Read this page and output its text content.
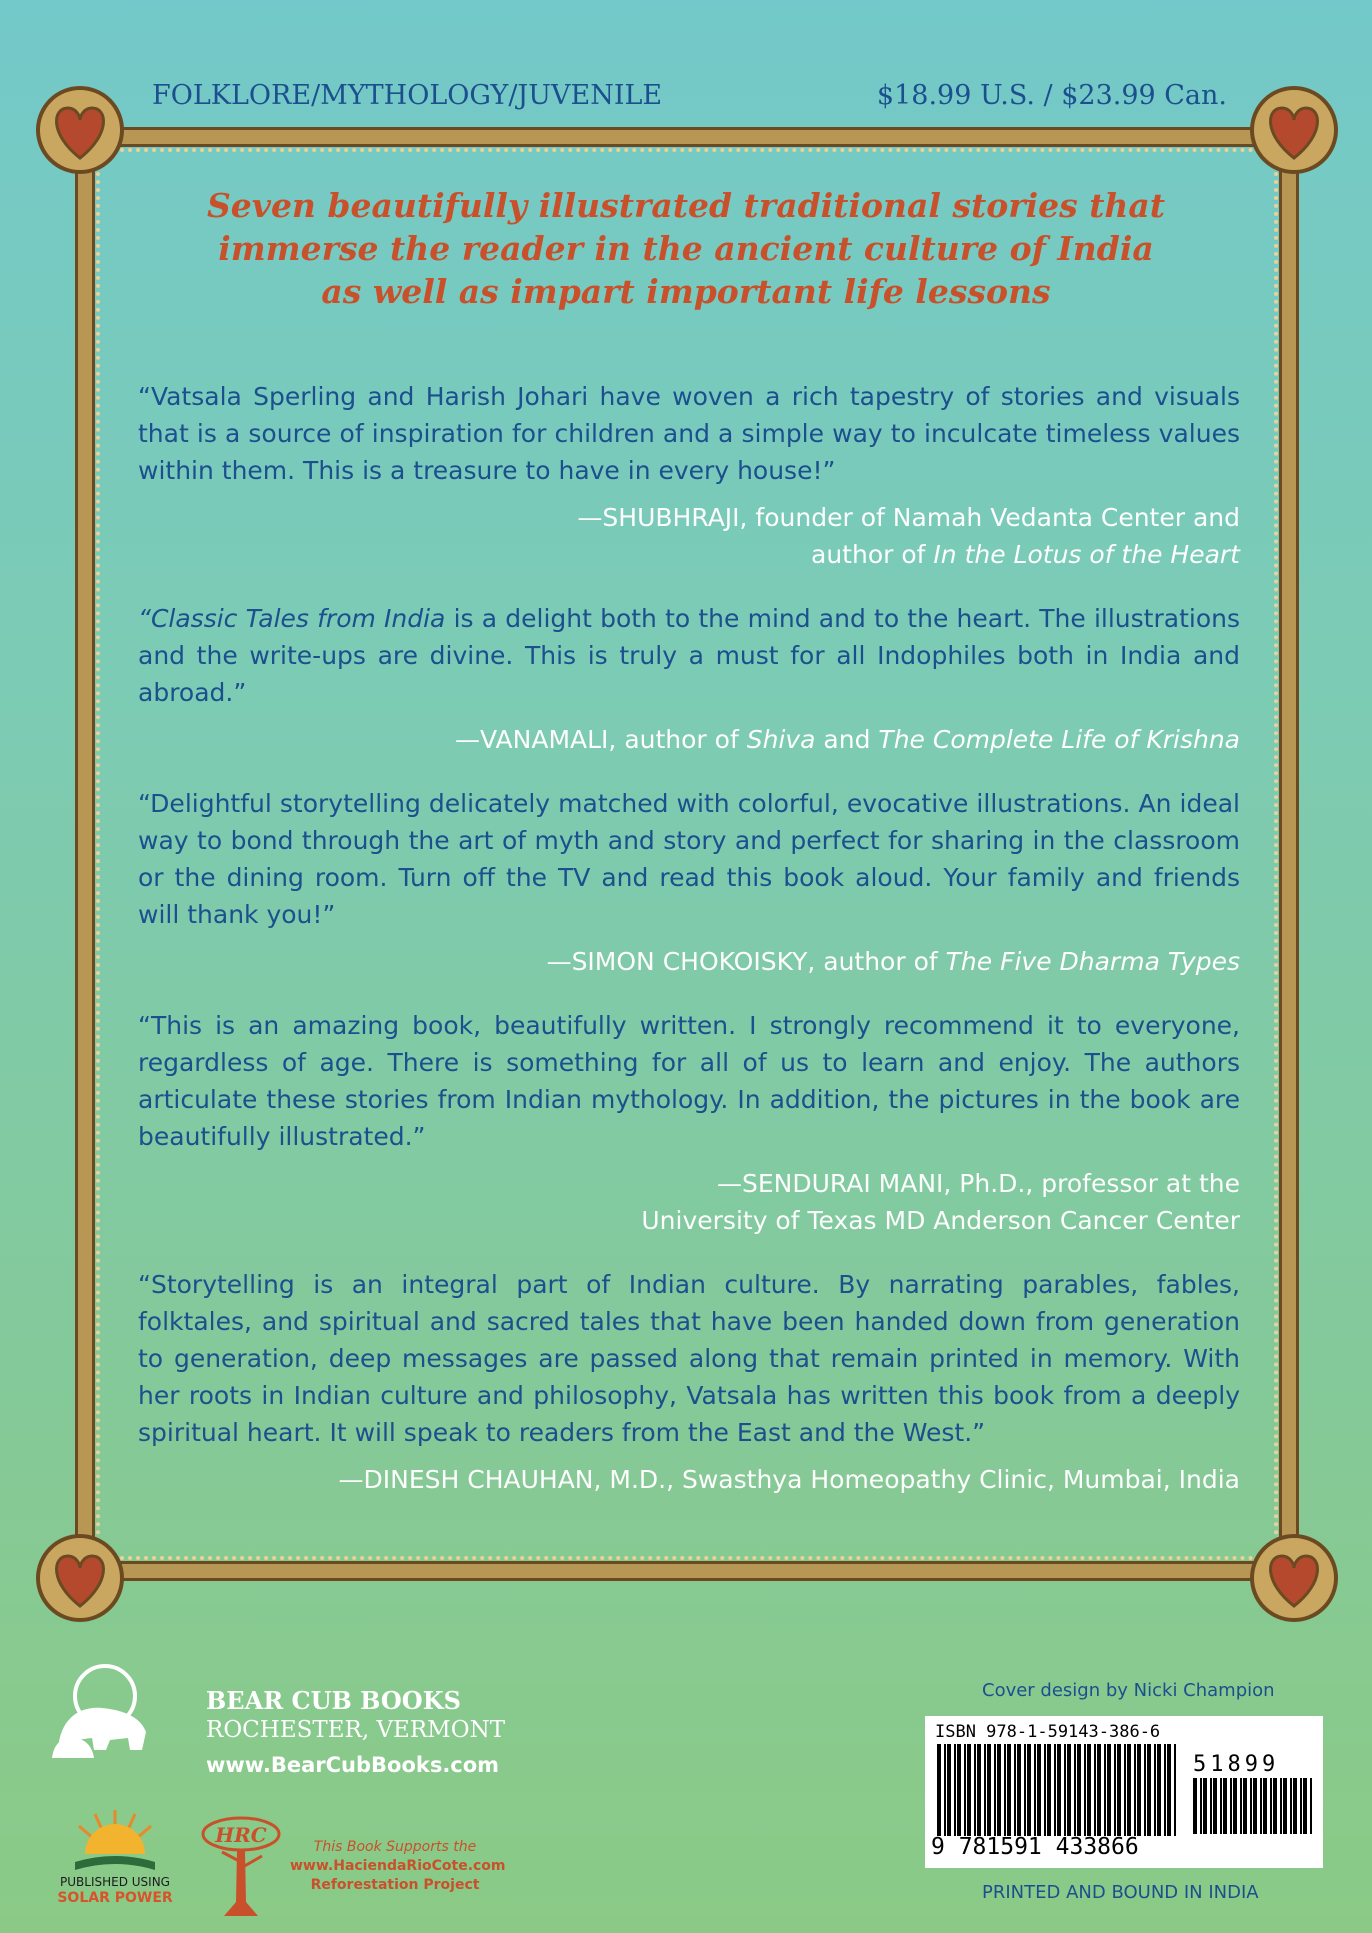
FOLKLORE/MYTHOLOGY/JUVENILE	$18.99 U.S. / $23.99 Can.
Seven beautifully illustrated traditional stories that
immerse the reader in the ancient culture of India
as well as impart important life lessons

“Vatsala Sperling and Harish Johari have woven a rich tapestry of stories and visuals that is a source of inspiration for children and a simple way to inculcate timeless values within them. This is a treasure to have in every house!”

—SHUBHRAJI, founder of Namah Vedanta Center and
author of In the Lotus of the Heart

“Classic Tales from India is a delight both to the mind and to the heart. The illustrations and the write-ups are divine. This is truly a must for all Indophiles both in India and abroad.”

—VANAMALI, author of Shiva and The Complete Life of Krishna

“Delightful storytelling delicately matched with colorful, evocative illustrations. An ideal way to bond through the art of myth and story and perfect for sharing in the classroom or the dining room. Turn off the TV and read this book aloud. Your family and friends will thank you!”

—SIMON CHOKOISKY, author of The Five Dharma Types

“This is an amazing book, beautifully written. I strongly recommend it to everyone, regardless of age. There is something for all of us to learn and enjoy. The authors articulate these stories from Indian mythology. In addition, the pictures in the book are beautifully illustrated.”

—SENDURAI MANI, Ph.D., professor at the
University of Texas MD Anderson Cancer Center

“Storytelling is an integral part of Indian culture. By narrating parables, fables, folktales, and spiritual and sacred tales that have been handed down from generation to generation, deep messages are passed along that remain printed in memory. With her roots in Indian culture and philosophy, Vatsala has written this book from a deeply spiritual heart. It will speak to readers from the East and the West.”

—DINESH CHAUHAN, M.D., Swasthya Homeopathy Clinic, Mumbai, India
BEAR CUB BOOKS
ROCHESTER, VERMONT
www.BearCubBooks.com
PUBLISHED USING
SOLAR POWER
HRC	This Book Supports the
www.HaciendaRioCote.com
Reforestation Project
Cover design by Nicki Champion
ISBN 978-1-59143-386-6
51899
9 781591 433866
PRINTED AND BOUND IN INDIA
